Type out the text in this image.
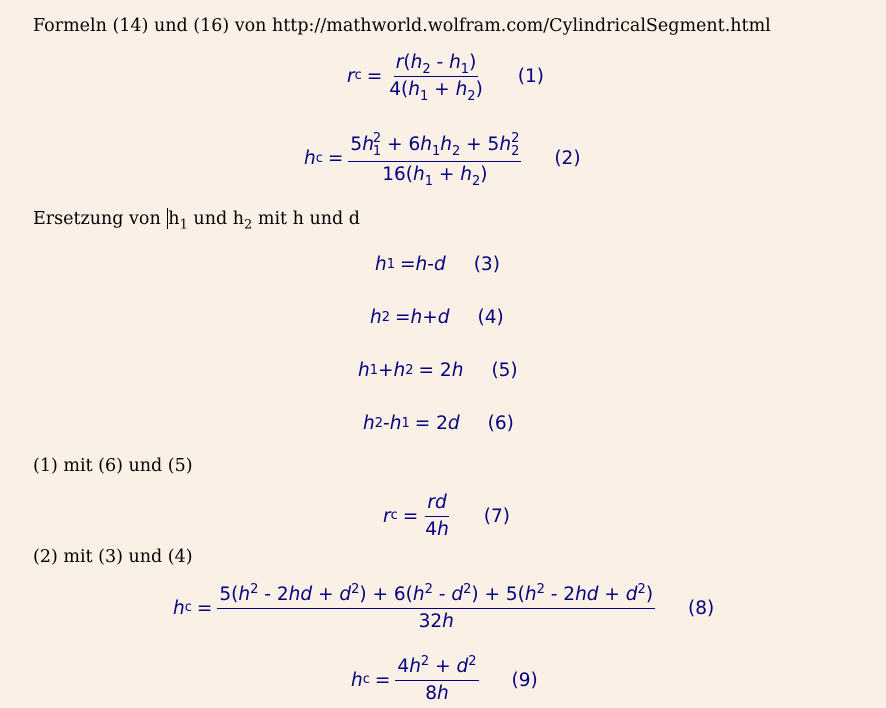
Formeln (14) und (16) von http://mathworld.wolfram.com/CylindricalSegment.html
Ersetzung von $h_1$ und $h_2$ mit h und d
(1) mit (6) und (5)
(2) mit (3) und (4)
r $c = \frac{r(h_2 - h_1)}{4(h_1 + h_2)} (1)$
h c = 5h 2
$1 + 6h_1h_2 + 5h$ 2
2
$16(h_1 + h_2)$ (2)
h 1 = h - d (3)
h 2 = h + d (4)
h 1 + h 2 = 2 h (5)
h 2 - h 1 = 2 d (6)
r $c = \frac{rd}{4h} (7)$
h $c = \frac{5(h^2 - 2hd + d^2) + 6(h^2 - d^2) + 5(h^2 - 2hd + d^2)}{32h} (8)$
h $c = \frac{4h^2 + d^2}{8h} (9)$
